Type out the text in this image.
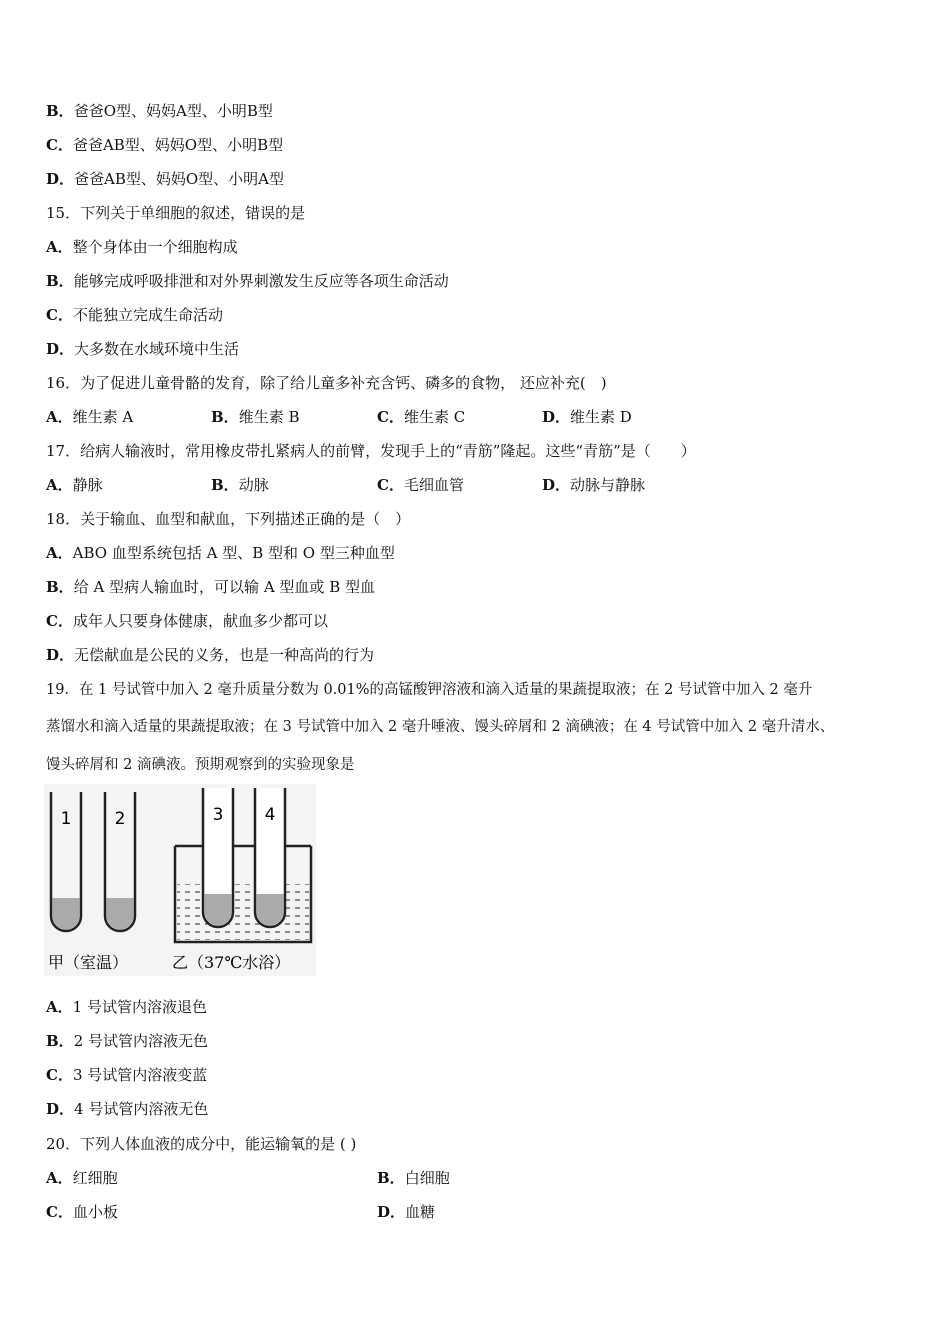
B．爸爸O型、妈妈A型、小明B型
C．爸爸AB型、妈妈O型、小明B型
D．爸爸AB型、妈妈O型、小明A型
15．下列关于单细胞的叙述，错误的是
A．整个身体由一个细胞构成
B．能够完成呼吸排泄和对外界刺激发生反应等各项生命活动
C．不能独立完成生命活动
D．大多数在水域环境中生活
16．为了促进儿童骨骼的发育，除了给儿童多补充含钙、磷多的食物， 还应补充(　)
A．维生素 A	B．维生素 B	C．维生素 C	D．维生素 D
17．给病人输液时，常用橡皮带扎紧病人的前臂，发现手上的“青筋”隆起。这些“青筋”是（　　）
A．静脉	B．动脉	C．毛细血管	D．动脉与静脉
18．关于输血、血型和献血，下列描述正确的是（　）
A．ABO 血型系统包括 A 型、B 型和 O 型三种血型
B．给 A 型病人输血时，可以输 A 型血或 B 型血
C．成年人只要身体健康，献血多少都可以
D．无偿献血是公民的义务，也是一种高尚的行为
19．在 1 号试管中加入 2 毫升质量分数为 0.01%的高锰酸钾溶液和滴入适量的果蔬提取液；在 2 号试管中加入 2 毫升
蒸馏水和滴入适量的果蔬提取液；在 3 号试管中加入 2 毫升唾液、馒头碎屑和 2 滴碘液；在 4 号试管中加入 2 毫升清水、
馒头碎屑和 2 滴碘液。预期观察到的实验现象是
1	2	3 4
甲（室温）	乙（37℃水浴）
A．1 号试管内溶液退色
B．2 号试管内溶液无色
C．3 号试管内溶液变蓝
D．4 号试管内溶液无色
20．下列人体血液的成分中，能运输氧的是 ( )
A．红细胞	B．白细胞
C．血小板	D．血糖
